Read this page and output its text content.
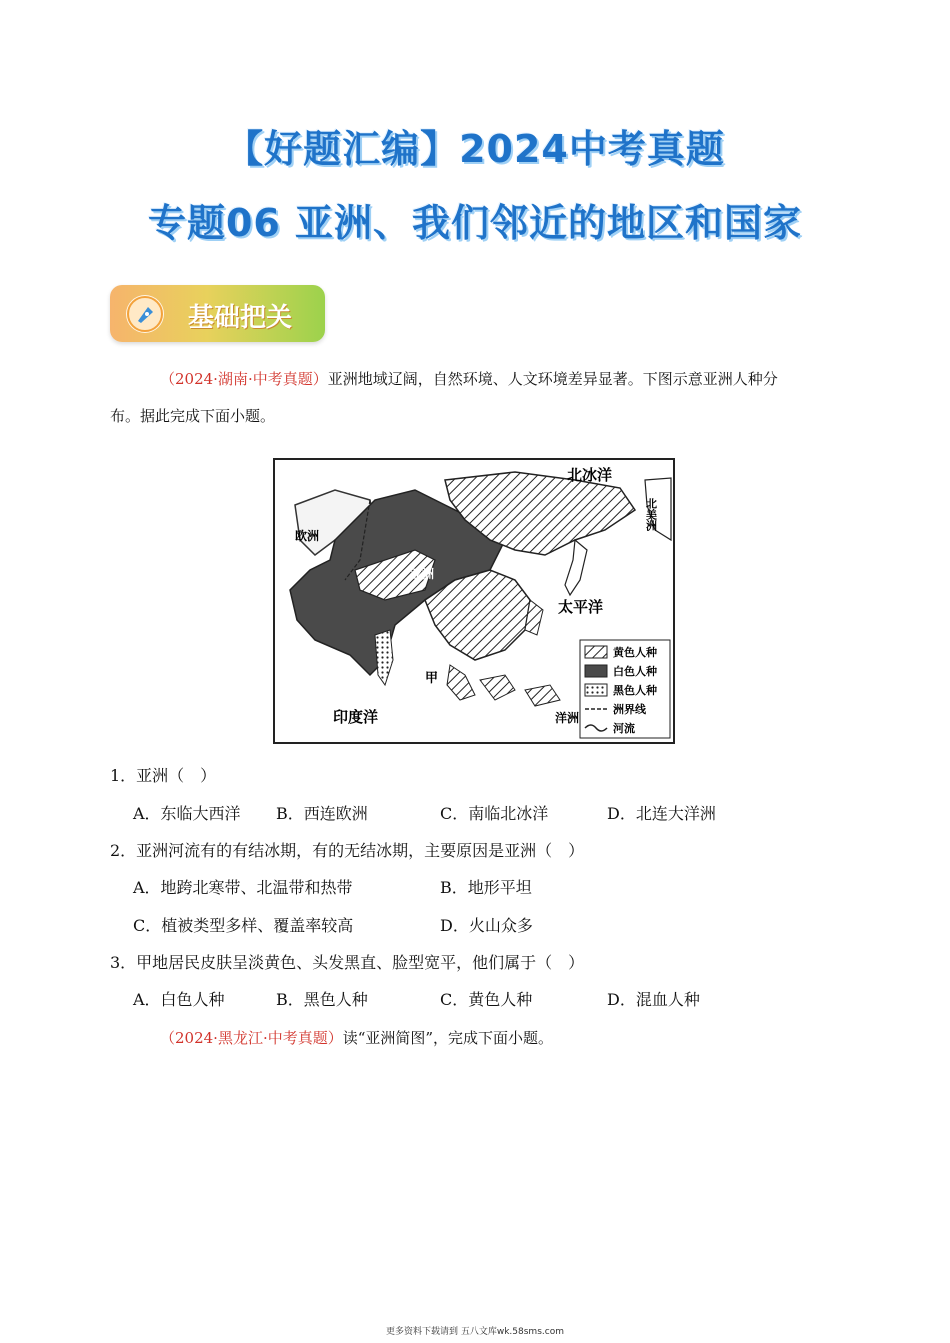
【好题汇编】2024中考真题
专题06 亚洲、我们邻近的地区和国家
基础把关
（2024·湖南·中考真题）亚洲地域辽阔，自然环境、人文环境差异显著。下图示意亚洲人种分
布。据此完成下面小题。
北冰洋
欧洲
太平洋
印度洋
甲
洋洲
亚洲
北美洲
黄色人种
白色人种
黑色人种
洲界线
河流
1．亚洲（　）
A．东临大西洋 B．西连欧洲	C．南临北冰洋	D．北连大洋洲
2．亚洲河流有的有结冰期，有的无结冰期，主要原因是亚洲（　）
A．地跨北寒带、北温带和热带	B．地形平坦
C．植被类型多样、覆盖率较高	D．火山众多
3．甲地居民皮肤呈淡黄色、头发黑直、脸型宽平，他们属于（　）
A．白色人种	B．黑色人种	C．黄色人种	D．混血人种
（2024·黑龙江·中考真题）读“亚洲简图”，完成下面小题。
更多资料下载请到 五八文库wk.58sms.com
